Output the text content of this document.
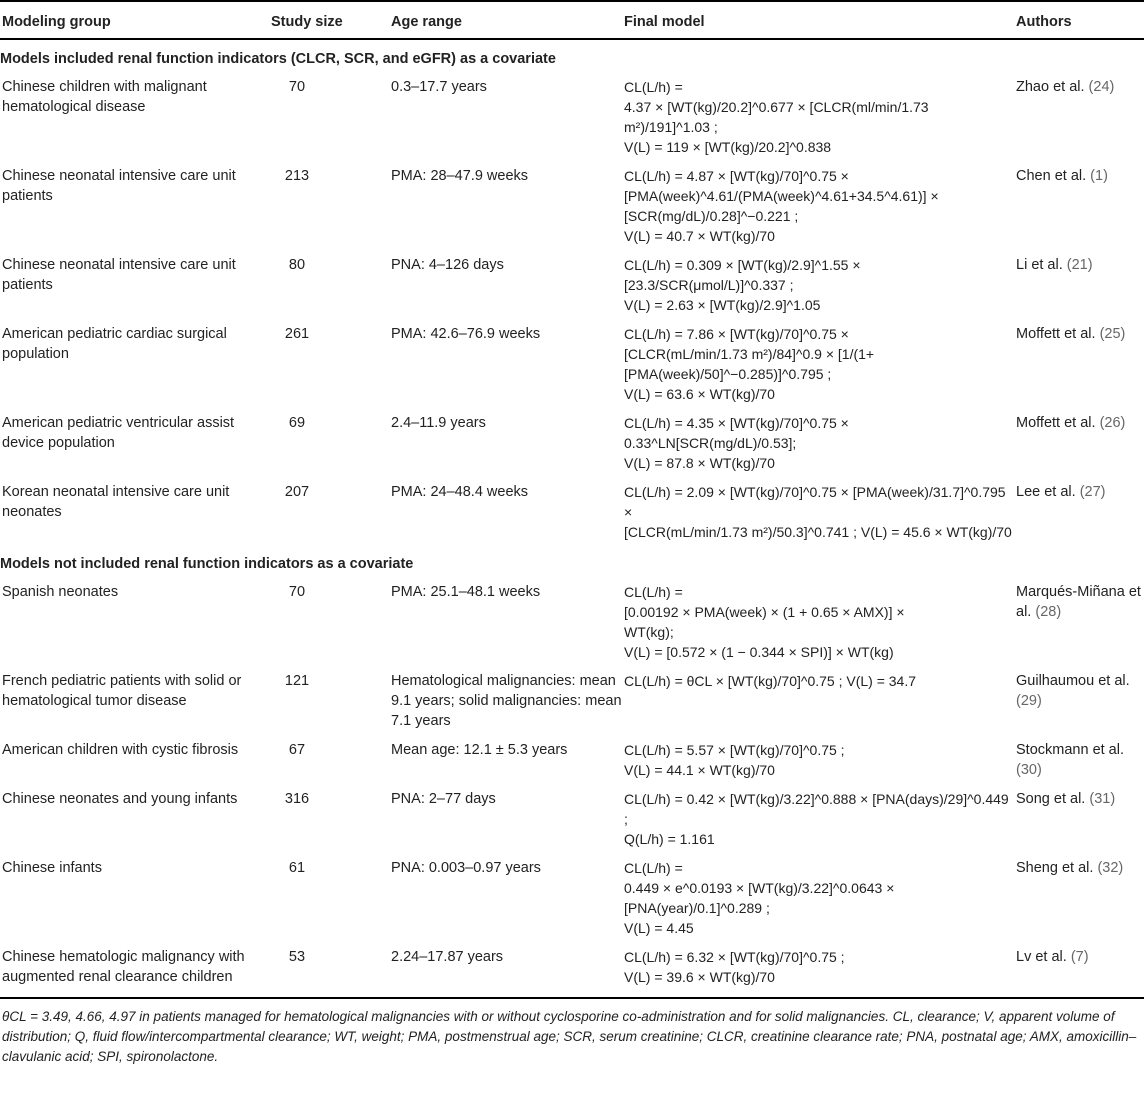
Modeling group	Study size	Age range	Final model	Authors
Models included renal function indicators (CLCR, SCR, and eGFR) as a covariate				
Chinese children with malignant hematological disease	70	0.3–17.7 years	CL(L/h) =
4.37 × [WT(kg)/20.2]^0.677 × [CLCR(ml/min/1.73 m²)/191]^1.03 ;
V(L) = 119 × [WT(kg)/20.2]^0.838	Zhao et al. (24)
Chinese neonatal intensive care unit patients	213	PMA: 28–47.9 weeks	CL(L/h) = 4.87 × [WT(kg)/70]^0.75 ×
[PMA(week)^4.61/(PMA(week)^4.61+34.5^4.61)] × [SCR(mg/dL)/0.28]^−0.221 ;
V(L) = 40.7 × WT(kg)/70	Chen et al. (1)
Chinese neonatal intensive care unit patients	80	PNA: 4–126 days	CL(L/h) = 0.309 × [WT(kg)/2.9]^1.55 × [23.3/SCR(μmol/L)]^0.337 ;
V(L) = 2.63 × [WT(kg)/2.9]^1.05	Li et al. (21)
American pediatric cardiac surgical population	261	PMA: 42.6–76.9 weeks	CL(L/h) = 7.86 × [WT(kg)/70]^0.75 ×
[CLCR(mL/min/1.73 m²)/84]^0.9 × [1/(1+[PMA(week)/50]^−0.285)]^0.795 ;
V(L) = 63.6 × WT(kg)/70	Moffett et al. (25)
American pediatric ventricular assist device population	69	2.4–11.9 years	CL(L/h) = 4.35 × [WT(kg)/70]^0.75 × 0.33^LN[SCR(mg/dL)/0.53];
V(L) = 87.8 × WT(kg)/70	Moffett et al. (26)
Korean neonatal intensive care unit neonates	207	PMA: 24–48.4 weeks	CL(L/h) = 2.09 × [WT(kg)/70]^0.75 × [PMA(week)/31.7]^0.795 ×
[CLCR(mL/min/1.73 m²)/50.3]^0.741 ; V(L) = 45.6 × WT(kg)/70	Lee et al. (27)
Models not included renal function indicators as a covariate				
Spanish neonates	70	PMA: 25.1–48.1 weeks	CL(L/h) =
[0.00192 × PMA(week) × (1 + 0.65 × AMX)] ×
WT(kg);
V(L) = [0.572 × (1 − 0.344 × SPI)] × WT(kg)	Marqués-Miñana et al. (28)
French pediatric patients with solid or hematological tumor disease	121	Hematological malignancies: mean 9.1 years; solid malignancies: mean 7.1 years	CL(L/h) = θCL × [WT(kg)/70]^0.75 ; V(L) = 34.7	Guilhaumou et al. (29)
American children with cystic fibrosis	67	Mean age: 12.1 ± 5.3 years	CL(L/h) = 5.57 × [WT(kg)/70]^0.75 ;
V(L) = 44.1 × WT(kg)/70	Stockmann et al. (30)
Chinese neonates and young infants	316	PNA: 2–77 days	CL(L/h) = 0.42 × [WT(kg)/3.22]^0.888 × [PNA(days)/29]^0.449 ;
Q(L/h) = 1.161	Song et al. (31)
Chinese infants	61	PNA: 0.003–0.97 years	CL(L/h) =
0.449 × e^0.0193 × [WT(kg)/3.22]^0.0643 × [PNA(year)/0.1]^0.289 ;
V(L) = 4.45	Sheng et al. (32)
Chinese hematologic malignancy with augmented renal clearance children	53	2.24–17.87 years	CL(L/h) = 6.32 × [WT(kg)/70]^0.75 ;
V(L) = 39.6 × WT(kg)/70	Lv et al. (7)
θCL = 3.49, 4.66, 4.97 in patients managed for hematological malignancies with or without cyclosporine co-administration and for solid malignancies. CL, clearance; V, apparent volume of distribution; Q, fluid flow/intercompartmental clearance; WT, weight; PMA, postmenstrual age; SCR, serum creatinine; CLCR, creatinine clearance rate; PNA, postnatal age; AMX, amoxicillin–clavulanic acid; SPI, spironolactone.
